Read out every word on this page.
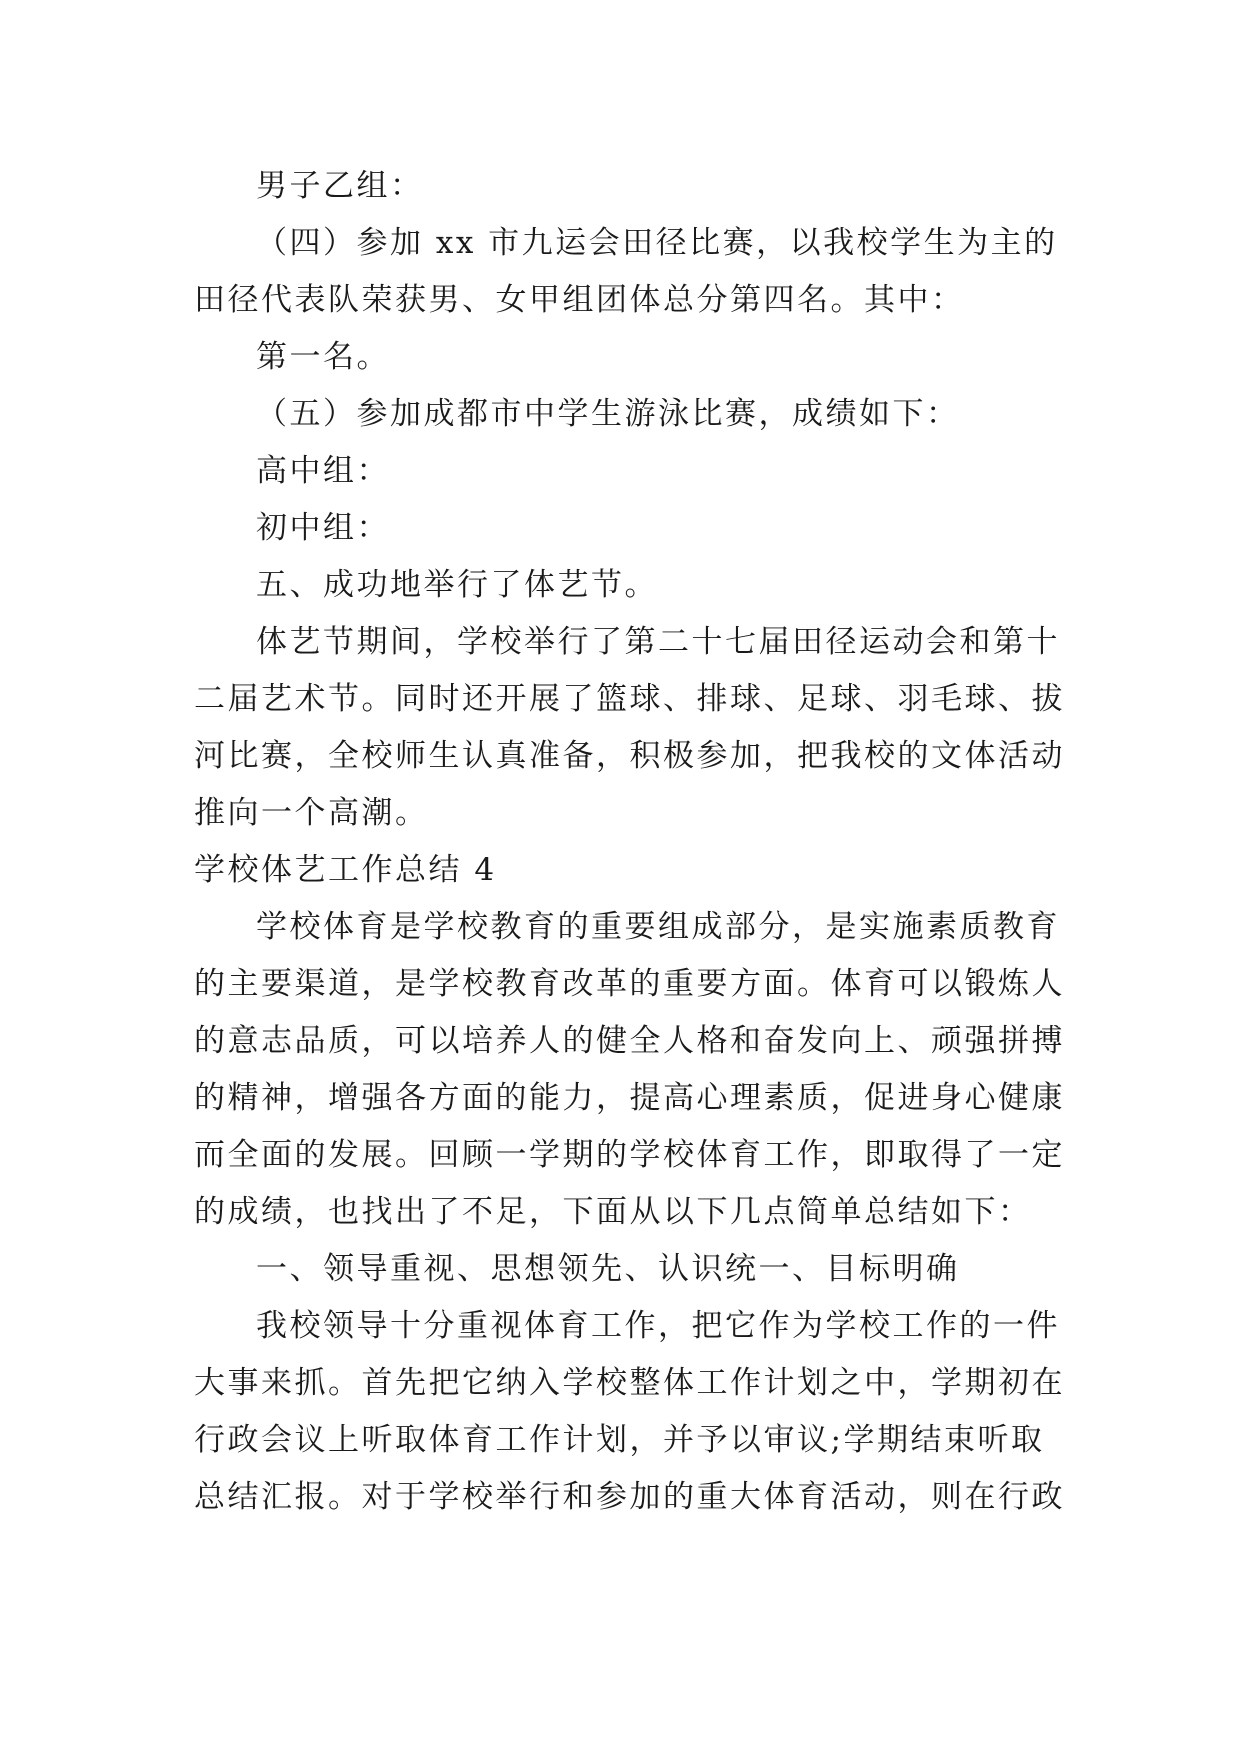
男子乙组：
（四）参加 xx 市九运会田径比赛，以我校学生为主的
田径代表队荣获男、女甲组团体总分第四名。其中：
第一名。
（五）参加成都市中学生游泳比赛，成绩如下：
高中组：
初中组：
五、成功地举行了体艺节。
体艺节期间，学校举行了第二十七届田径运动会和第十
二届艺术节。同时还开展了篮球、排球、足球、羽毛球、拔
河比赛，全校师生认真准备，积极参加，把我校的文体活动
推向一个高潮。
学校体艺工作总结 4
学校体育是学校教育的重要组成部分，是实施素质教育
的主要渠道，是学校教育改革的重要方面。体育可以锻炼人
的意志品质，可以培养人的健全人格和奋发向上、顽强拼搏
的精神，增强各方面的能力，提高心理素质，促进身心健康
而全面的发展。回顾一学期的学校体育工作，即取得了一定
的成绩，也找出了不足，下面从以下几点简单总结如下：
一、领导重视、思想领先、认识统一、目标明确
我校领导十分重视体育工作，把它作为学校工作的一件
大事来抓。首先把它纳入学校整体工作计划之中，学期初在
行政会议上听取体育工作计划，并予以审议;学期结束听取
总结汇报。对于学校举行和参加的重大体育活动，则在行政
